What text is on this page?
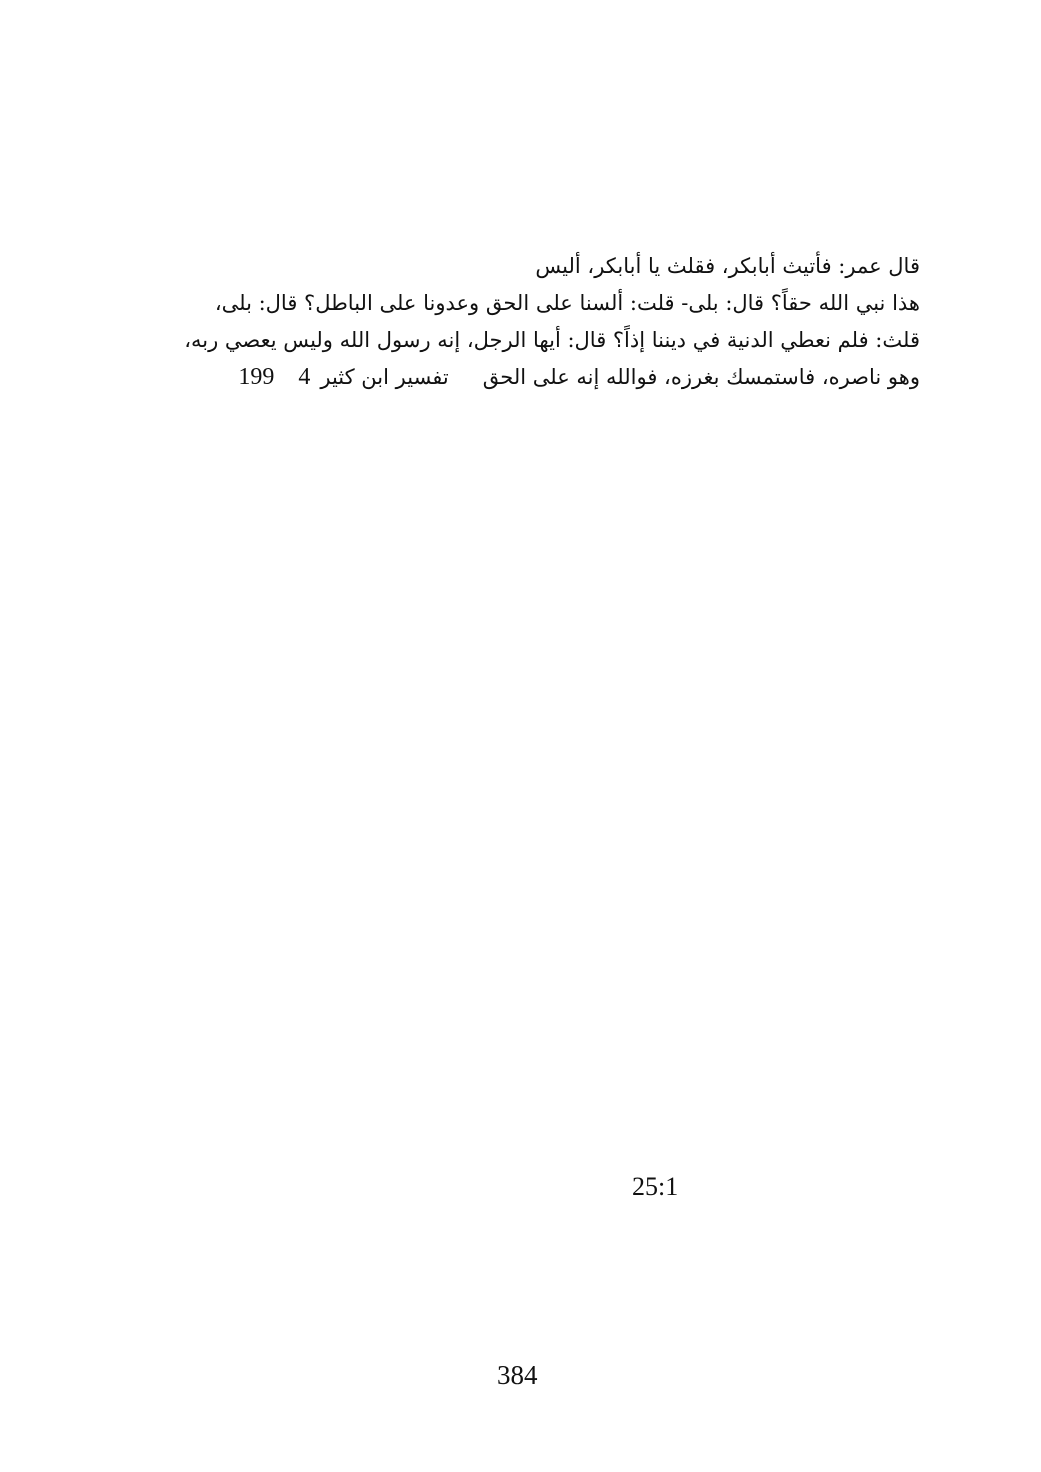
قال عمر: فأتيث أبابكر، فقلث يا أبابكر، أليس
هذا نبي الله حقاً؟ قال: بلى- قلت: ألسنا على الحق وعدونا على الباطل؟ قال: بلى،
قلث: فلم نعطي الدنية في ديننا إذاً؟ قال: أيها الرجل، إنه رسول الله وليس يعصي ربه،
وهو ناصره، فاستمسك بغرزه، فوالله إنه على الحق
تفسير ابن كثير
4
199
25:1
384
